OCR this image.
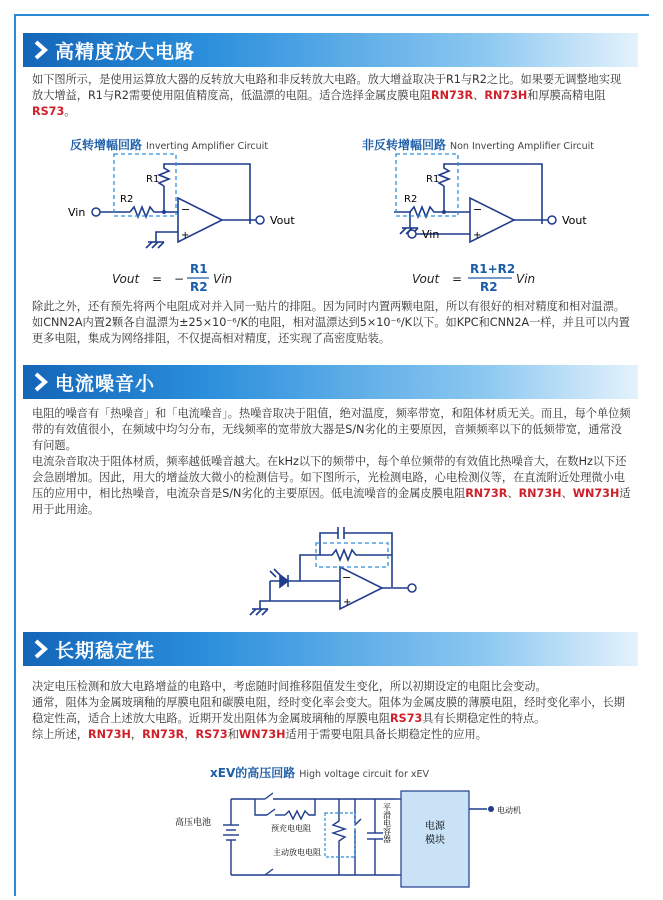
高精度放大电路

如下图所示，是使用运算放大器的反转放大电路和非反转放大电路。放大增益取决于R1与R2之比。如果要无调整地实现放大增益，R1与R2需要使用阻值精度高，低温漂的电阻。适合选择金属皮膜电阻RN73R、RN73H和厚膜高精电阻RS73。

反转增幅回路 Inverting Amplifier Circuit	非反转增幅回路 Non Inverting Amplifier Circuit
Vin
Vout
R1
R2
−
+	Vin
Vout
R1
R2
−
+
Vout = −
R1
R2
Vin	Vout =
R1+R2
R2
Vin

除此之外，还有预先将两个电阻成对并入同一贴片的排阻。因为同时内置两颗电阻，所以有很好的相对精度和相对温漂。如CNN2A内置2颗各自温漂为±25×10⁻⁶/K的电阻，相对温漂达到5×10⁻⁶/K以下。如KPC和CNN2A一样，并且可以内置更多电阻，集成为网络排阻，不仅提高相对精度，还实现了高密度贴装。

电流噪音小

电阻的噪音有「热噪音」和「电流噪音」。热噪音取决于阻值，绝对温度，频率带宽，和阻体材质无关。而且，每个单位频带的有效值很小，在频域中均匀分布，无线频率的宽带放大器是S/N劣化的主要原因，音频频率以下的低频带宽，通常没有问题。

电流杂音取决于阻体材质，频率越低噪音越大。在kHz以下的频带中，每个单位频带的有效值比热噪音大，在数Hz以下还会急剧增加。因此，用大的增益放大微小的检测信号。如下图所示，光检测电路，心电检测仪等，在直流附近处理微小电压的应用中，相比热噪音，电流杂音是S/N劣化的主要原因。低电流噪音的金属皮膜电阻RN73R、RN73H、WN73H适用于此用途。

−
+
长期稳定性

决定电压检测和放大电路增益的电路中，考虑随时间推移阻值发生变化，所以初期设定的电阻比会变动。

通常，阻体为金属玻璃釉的厚膜电阻和碳膜电阻，经时变化率会变大。阻体为金属皮膜的薄膜电阻，经时变化率小，长期稳定性高，适合上述放大电路。近期开发出阻体为金属玻璃釉的厚膜电阻RS73具有长期稳定性的特点。

综上所述，RN73H，RN73R，RS73和WN73H适用于需要电阻具备长期稳定性的应用。

xEV的高压回路 High voltage circuit for xEV
高压电池
预充电电阻
主动放电电阻
平滑电容器	电源
模块
电动机
